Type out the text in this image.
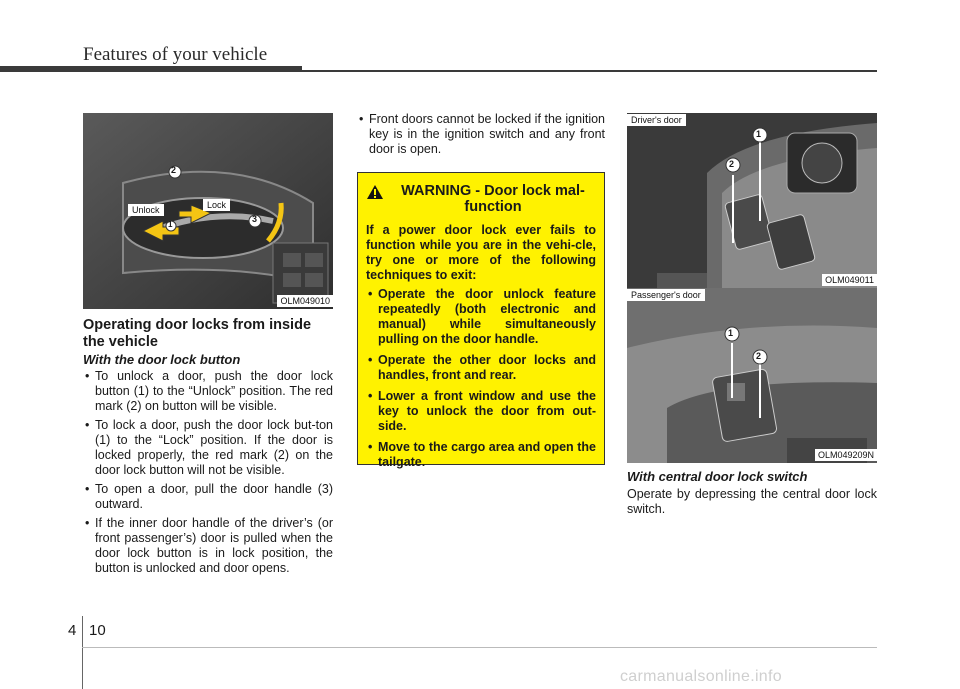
Features of your vehicle
Unlock	Lock
2
1
3
OLM049010
Operating door locks from inside the vehicle
With the door lock button
• To unlock a door, push the door lock button (1) to the “Unlock” position. The red mark (2) on button will be visible.
• To lock a door, push the door lock but-ton (1) to the “Lock” position. If the door is locked properly, the red mark (2) on the door lock button will not be visible.
• To open a door, pull the door handle (3) outward.
• If the inner door handle of the driver’s (or front passenger’s) door is pulled when the door lock button is in lock position, the button is unlocked and door opens.
• Front doors cannot be locked if the ignition key is in the ignition switch and any front door is open.
WARNING - Door lock mal-function
If a power door lock ever fails to function while you are in the vehi-cle, try one or more of the following techniques to exit:
• Operate the door unlock feature repeatedly (both electronic and manual) while simultaneously pulling on the door handle.
• Operate the other door locks and handles, front and rear.
• Lower a front window and use the key to unlock the door from out-side.
• Move to the cargo area and open the tailgate.
Driver's door
2
1
OLM049011
Passenger's door
1
2
OLM049209N
With central door lock switch
Operate by depressing the central door lock switch.
4 10
carmanualsonline.info
